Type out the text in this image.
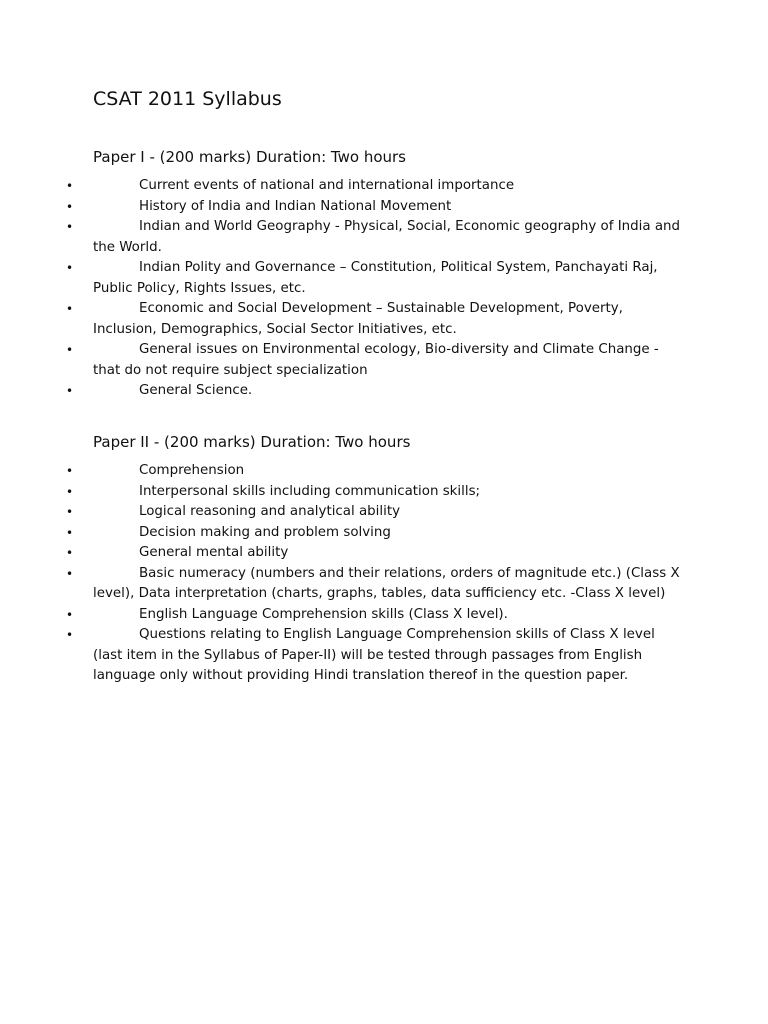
CSAT 2011 Syllabus
Paper I - (200 marks) Duration: Two hours
•	Current events of national and international importance
•	History of India and Indian National Movement
•	Indian and World Geography - Physical, Social, Economic geography of India and the World.
•	Indian Polity and Governance – Constitution, Political System, Panchayati Raj, Public Policy, Rights Issues, etc.
•	Economic and Social Development – Sustainable Development, Poverty, Inclusion, Demographics, Social Sector Initiatives, etc.
•	General issues on Environmental ecology, Bio-diversity and Climate Change - that do not require subject specialization
•	General Science.
Paper II - (200 marks) Duration: Two hours
•	Comprehension
•	Interpersonal skills including communication skills;
•	Logical reasoning and analytical ability
•	Decision making and problem solving
•	General mental ability
•	Basic numeracy (numbers and their relations, orders of magnitude etc.) (Class X level), Data interpretation (charts, graphs, tables, data sufficiency etc. -Class X level)
•	English Language Comprehension skills (Class X level).
•	Questions relating to English Language Comprehension skills of Class X level (last item in the Syllabus of Paper-II) will be tested through passages from English language only without providing Hindi translation thereof in the question paper.
